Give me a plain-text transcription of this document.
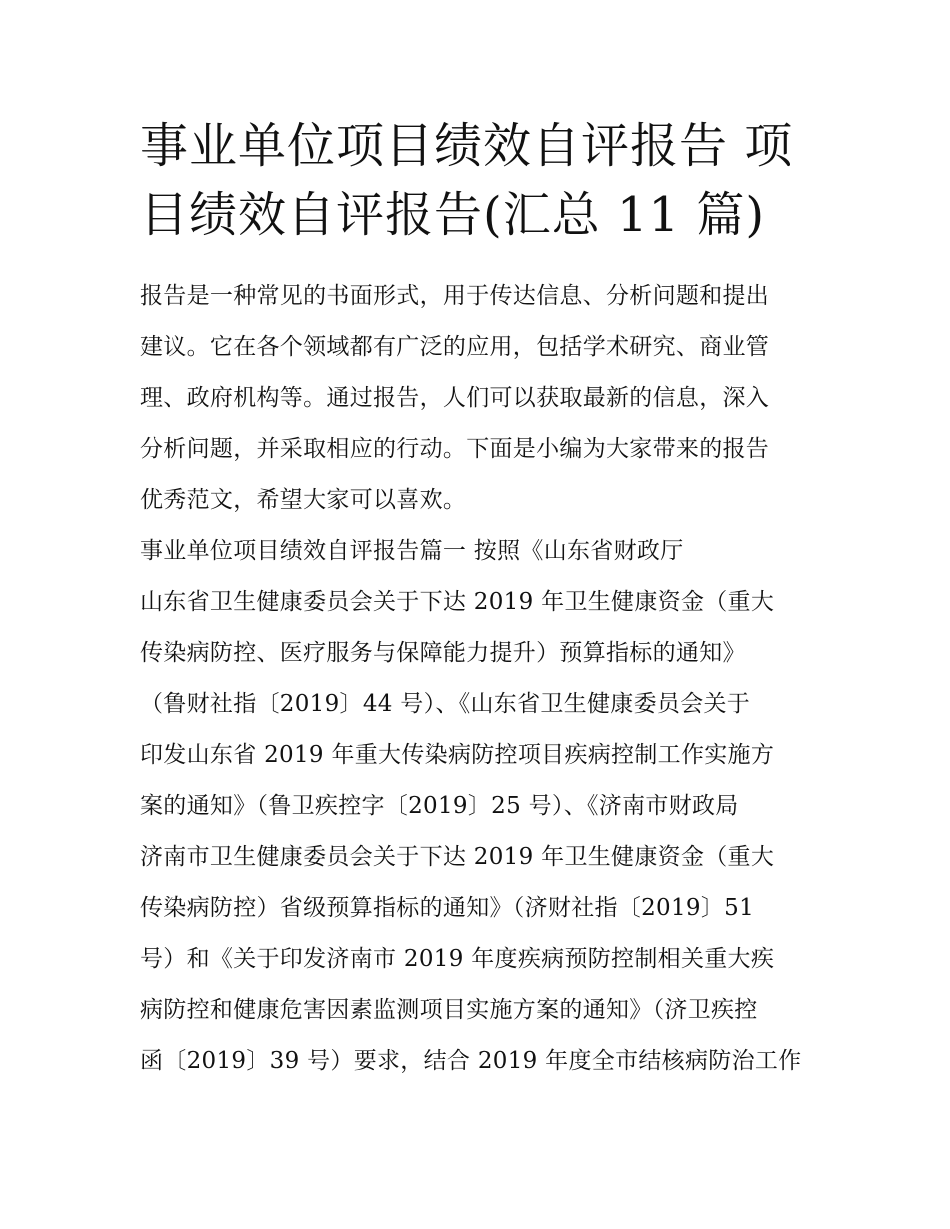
事业单位项目绩效自评报告 项
目绩效自评报告(汇总 11 篇)
报告是一种常见的书面形式，用于传达信息、分析问题和提出
建议。它在各个领域都有广泛的应用，包括学术研究、商业管
理、政府机构等。通过报告，人们可以获取最新的信息，深入
分析问题，并采取相应的行动。下面是小编为大家带来的报告
优秀范文，希望大家可以喜欢。
事业单位项目绩效自评报告篇一 按照《山东省财政厅
山东省卫生健康委员会关于下达 2019 年卫生健康资金（重大
传染病防控、医疗服务与保障能力提升）预算指标的通知》
（鲁财社指〔2019〕44 号）、《山东省卫生健康委员会关于
印发山东省 2019 年重大传染病防控项目疾病控制工作实施方
案的通知》（鲁卫疾控字〔2019〕25 号）、《济南市财政局
济南市卫生健康委员会关于下达 2019 年卫生健康资金（重大
传染病防控）省级预算指标的通知》（济财社指〔2019〕51
号）和《关于印发济南市 2019 年度疾病预防控制相关重大疾
病防控和健康危害因素监测项目实施方案的通知》（济卫疾控
函〔2019〕39 号）要求，结合 2019 年度全市结核病防治工作
